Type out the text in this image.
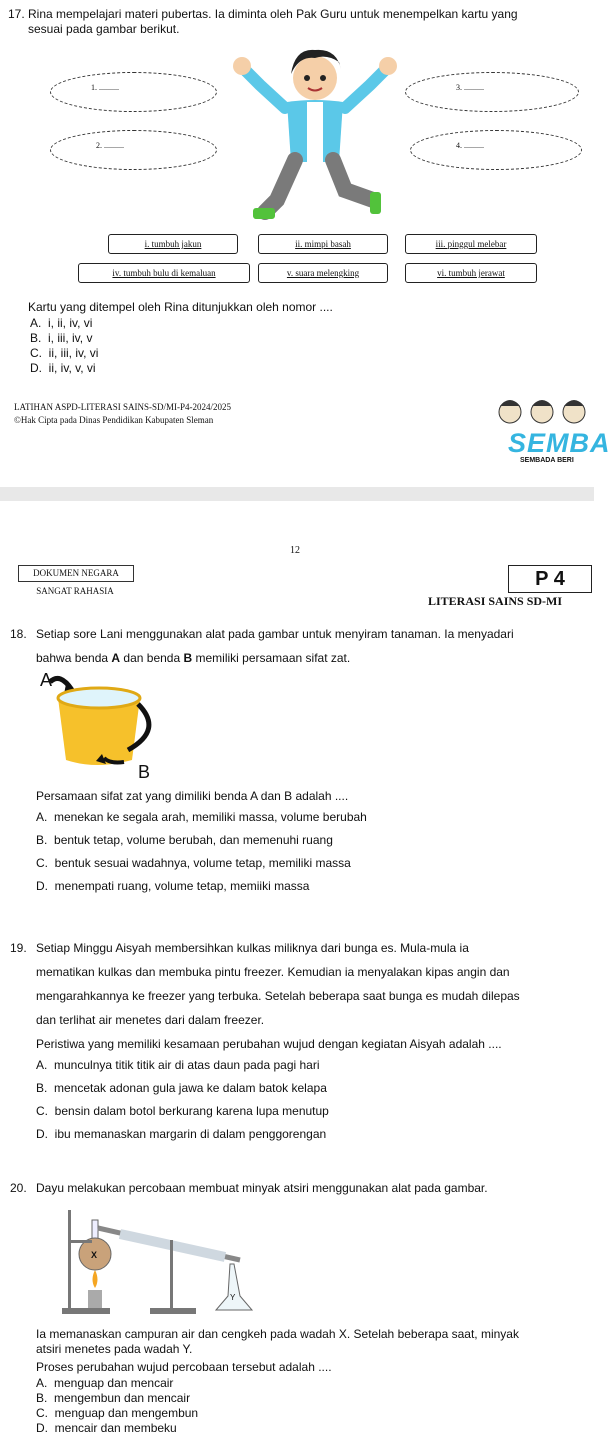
17. Rina mempelajari materi pubertas. Ia diminta oleh Pak Guru untuk menempelkan kartu yang
sesuai pada gambar berikut.
1. ..........	3. ..........
2. ..........	4. ..........
i. tumbuh jakun	ii. mimpi basah	iii. pinggul melebar
iv. tumbuh bulu di kemaluan	v. suara melengking	vi. tumbuh jerawat
Kartu yang ditempel oleh Rina ditunjukkan oleh nomor ....
A. i, ii, iv, vi
B. i, iii, iv, v
C. ii, iii, iv, vi
D. ii, iv, v, vi
LATIHAN ASPD-LITERASI SAINS-SD/MI-P4-2024/2025
©Hak Cipta pada Dinas Pendidikan Kabupaten Sleman
SEMBA
SEMBADA BERI
12
DOKUMEN NEGARA
SANGAT RAHASIA
P 4
LITERASI SAINS SD-MI
18. Setiap sore Lani menggunakan alat pada gambar untuk menyiram tanaman. Ia menyadari
bahwa benda A dan benda B memiliki persamaan sifat zat.
A
B
Persamaan sifat zat yang dimiliki benda A dan B adalah ....
A. menekan ke segala arah, memiliki massa, volume berubah
B. bentuk tetap, volume berubah, dan memenuhi ruang
C. bentuk sesuai wadahnya, volume tetap, memiliki massa
D. menempati ruang, volume tetap, memiiki massa
19. Setiap Minggu Aisyah membersihkan kulkas miliknya dari bunga es. Mula-mula ia
mematikan kulkas dan membuka pintu freezer. Kemudian ia menyalakan kipas angin dan
mengarahkannya ke freezer yang terbuka. Setelah beberapa saat bunga es mudah dilepas
dan terlihat air menetes dari dalam freezer.
Peristiwa yang memiliki kesamaan perubahan wujud dengan kegiatan Aisyah adalah ....
A. munculnya titik titik air di atas daun pada pagi hari
B. mencetak adonan gula jawa ke dalam batok kelapa
C. bensin dalam botol berkurang karena lupa menutup
D. ibu memanaskan margarin di dalam penggorengan
20. Dayu melakukan percobaan membuat minyak atsiri menggunakan alat pada gambar.
X
Y
Ia memanaskan campuran air dan cengkeh pada wadah X. Setelah beberapa saat, minyak
atsiri menetes pada wadah Y.
Proses perubahan wujud percobaan tersebut adalah ....
A. menguap dan mencair
B. mengembun dan mencair
C. menguap dan mengembun
D. mencair dan membeku
